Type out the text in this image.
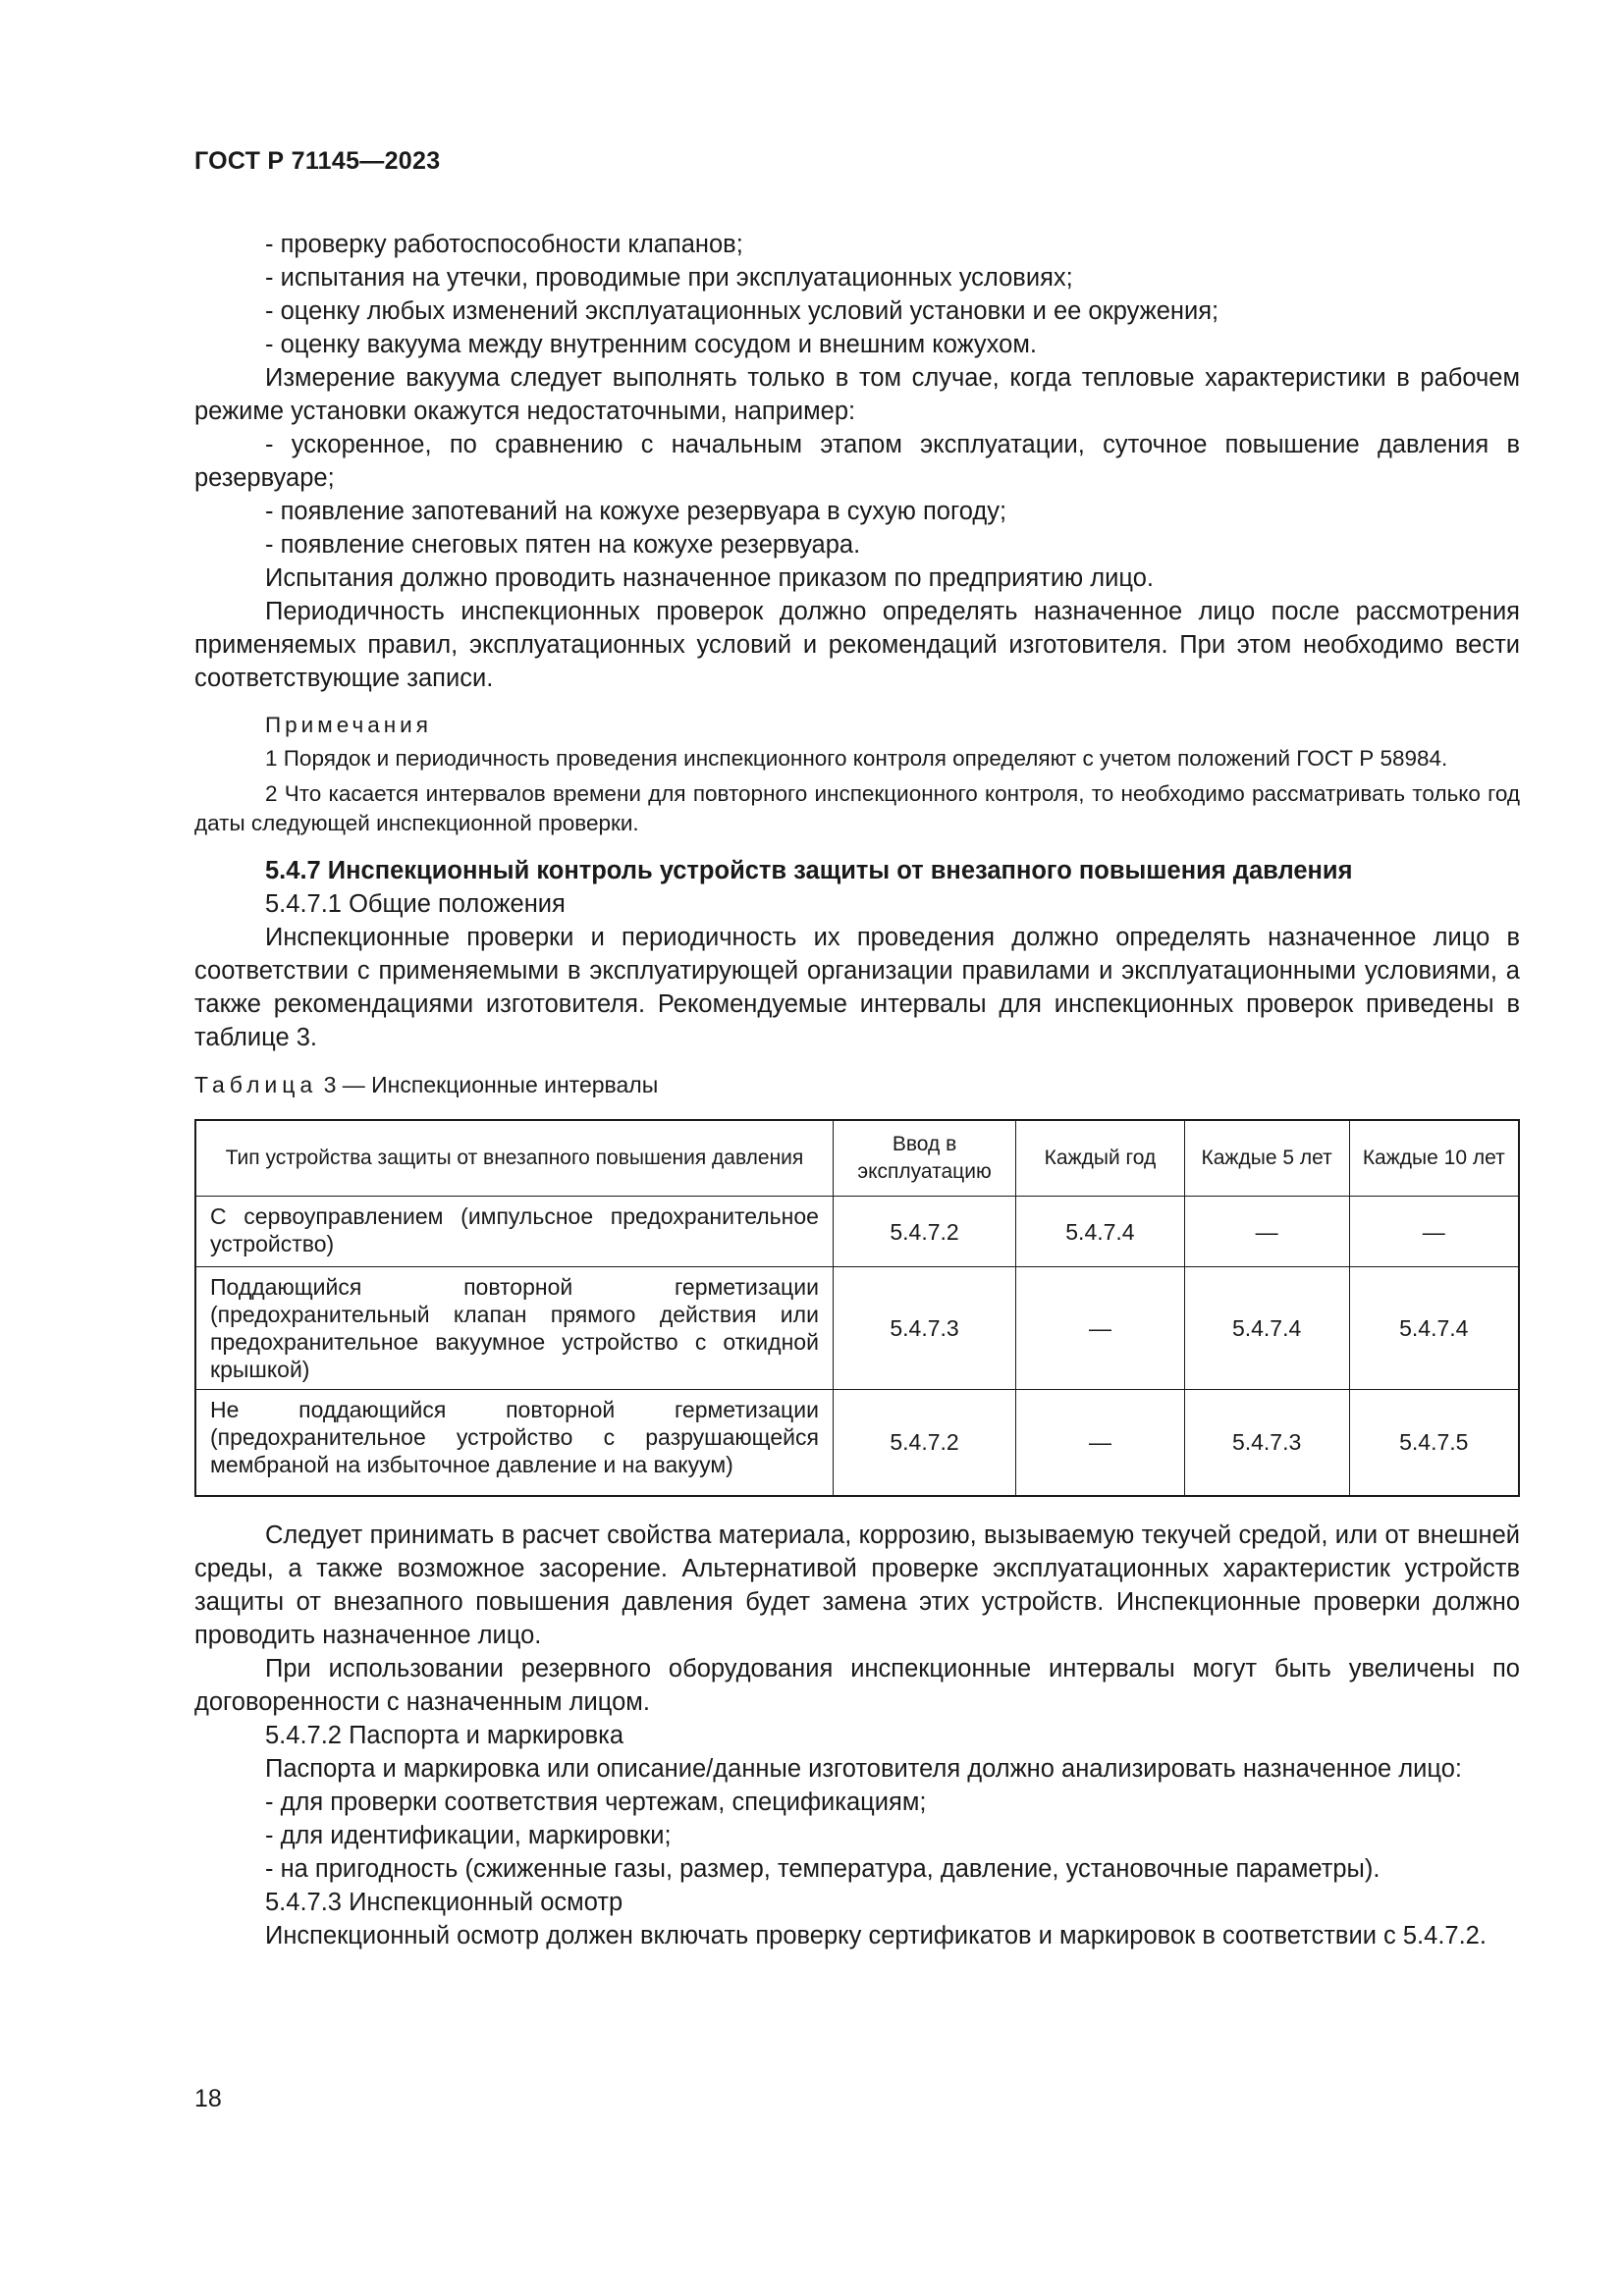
ГОСТ Р 71145—2023

- проверку работоспособности клапанов;

- испытания на утечки, проводимые при эксплуатационных условиях;

- оценку любых изменений эксплуатационных условий установки и ее окружения;

- оценку вакуума между внутренним сосудом и внешним кожухом.

Измерение вакуума следует выполнять только в том случае, когда тепловые характеристики в рабочем режиме установки окажутся недостаточными, например:

- ускоренное, по сравнению с начальным этапом эксплуатации, суточное повышение давления в резервуаре;

- появление запотеваний на кожухе резервуара в сухую погоду;

- появление снеговых пятен на кожухе резервуара.

Испытания должно проводить назначенное приказом по предприятию лицо.

Периодичность инспекционных проверок должно определять назначенное лицо после рассмотрения применяемых правил, эксплуатационных условий и рекомендаций изготовителя. При этом необходимо вести соответствующие записи.

Примечания

1 Порядок и периодичность проведения инспекционного контроля определяют с учетом положений ГОСТ Р 58984.

2 Что касается интервалов времени для повторного инспекционного контроля, то необходимо рассматривать только год даты следующей инспекционной проверки.

5.4.7 Инспекционный контроль устройств защиты от внезапного повышения давления

5.4.7.1 Общие положения

Инспекционные проверки и периодичность их проведения должно определять назначенное лицо в соответствии с применяемыми в эксплуатирующей организации правилами и эксплуатационными условиями, а также рекомендациями изготовителя. Рекомендуемые интервалы для инспекционных проверок приведены в таблице 3.

Таблица 3 — Инспекционные интервалы

Тип устройства защиты от внезапного повышения давления	Ввод в эксплуатацию	Каждый год	Каждые 5 лет	Каждые 10 лет
С сервоуправлением (импульсное предохранительное устройство)	5.4.7.2	5.4.7.4	—	—
Поддающийся повторной герметизации (предохранительный клапан прямого действия или предохранительное вакуумное устройство с откидной крышкой)	5.4.7.3	—	5.4.7.4	5.4.7.4
Не поддающийся повторной герметизации (предохранительное устройство с разрушающейся мембраной на избыточное давление и на вакуум)	5.4.7.2	—	5.4.7.3	5.4.7.5

Следует принимать в расчет свойства материала, коррозию, вызываемую текучей средой, или от внешней среды, а также возможное засорение. Альтернативой проверке эксплуатационных характеристик устройств защиты от внезапного повышения давления будет замена этих устройств. Инспекционные проверки должно проводить назначенное лицо.

При использовании резервного оборудования инспекционные интервалы могут быть увеличены по договоренности с назначенным лицом.

5.4.7.2 Паспорта и маркировка

Паспорта и маркировка или описание/данные изготовителя должно анализировать назначенное лицо:

- для проверки соответствия чертежам, спецификациям;

- для идентификации, маркировки;

- на пригодность (сжиженные газы, размер, температура, давление, установочные параметры).

5.4.7.3 Инспекционный осмотр

Инспекционный осмотр должен включать проверку сертификатов и маркировок в соответствии с 5.4.7.2.

18
